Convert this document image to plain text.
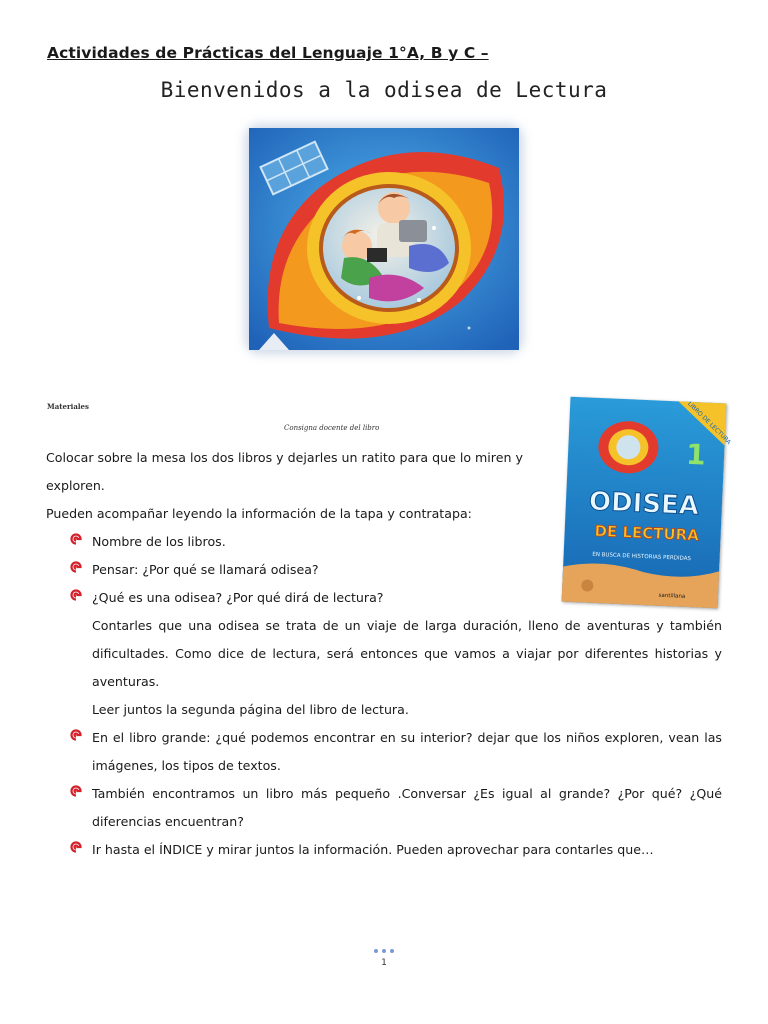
Actividades de Prácticas del Lenguaje 1°A, B y C –
Bienvenidos a la odisea de Lectura
LIBRO DE LECTURA
1
ODISEA
DE LECTURA
EN BUSCA DE HISTORIAS PERDIDAS
santillana
Materiales
Consigna docente del libro

Colocar sobre la mesa los dos libros y dejarles un ratito para que lo miren y exploren.

Pueden acompañar leyendo la información de la tapa y contratapa:

Nombre de los libros.
Pensar: ¿Por qué se llamará odisea?
¿Qué es una odisea? ¿Por qué dirá de lectura?

Contarles que una odisea se trata de un viaje de larga duración, lleno de aventuras y también dificultades. Como dice de lectura, será entonces que vamos a viajar por diferentes historias y aventuras.

Leer juntos la segunda página del libro de lectura.

En el libro grande: ¿qué podemos encontrar en su interior? dejar que los niños exploren, vean las imágenes, los tipos de textos.
También encontramos un libro más pequeño .Conversar ¿Es igual al grande? ¿Por qué? ¿Qué diferencias encuentran?
Ir hasta el ÍNDICE y mirar juntos la información. Pueden aprovechar para contarles que…
1
